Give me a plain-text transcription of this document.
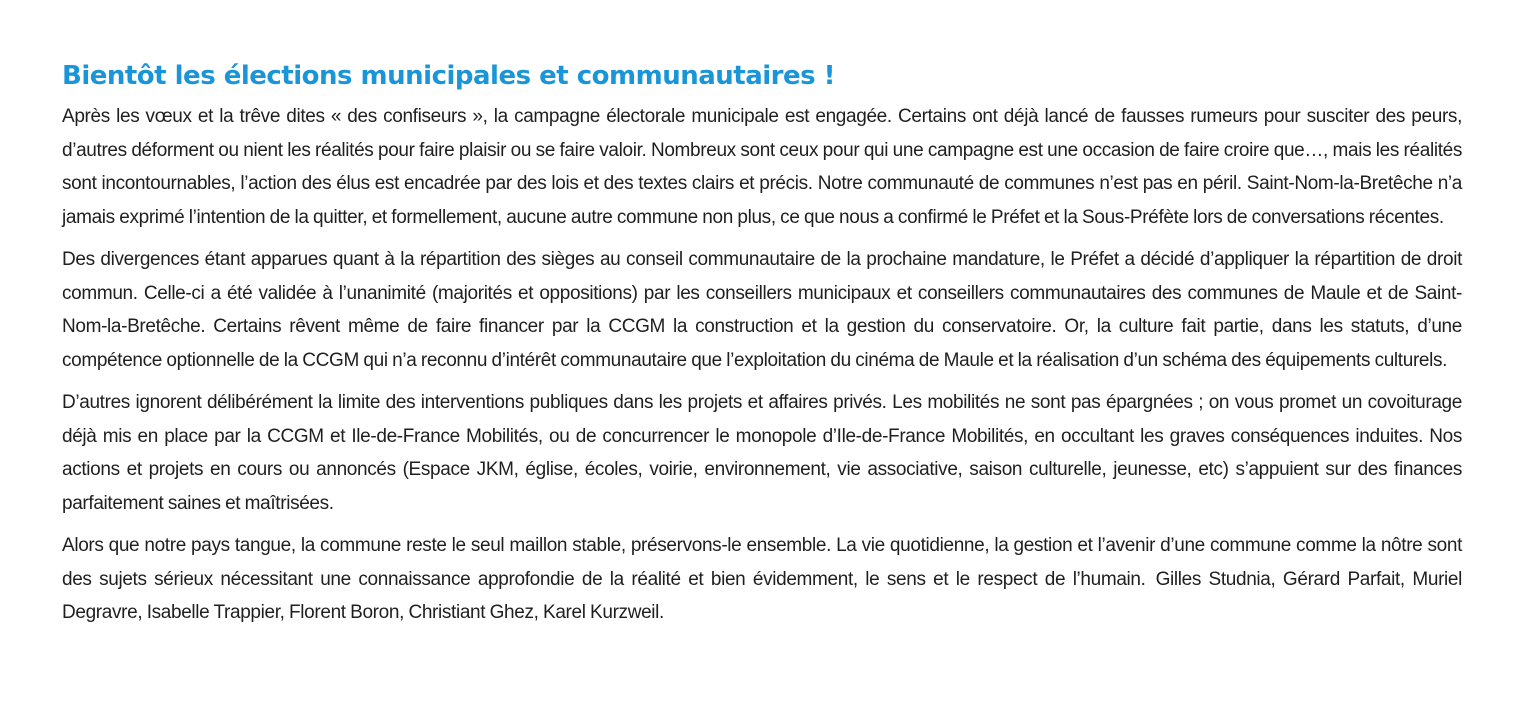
Bientôt les élections municipales et communautaires !

Après les vœux et la trêve dites « des confiseurs », la campagne électorale municipale est engagée. Certains ont déjà lancé de fausses rumeurs pour susciter des peurs, d’autres déforment ou nient les réalités pour faire plaisir ou se faire valoir. Nombreux sont ceux pour qui une campagne est une occasion de faire croire que…, mais les réalités sont incontournables, l’action des élus est encadrée par des lois et des textes clairs et précis. Notre communauté de communes n’est pas en péril. Saint-Nom-la-Bretêche n’a jamais exprimé l’intention de la quitter, et formellement, aucune autre commune non plus, ce que nous a confirmé le Préfet et la Sous-Préfète lors de conversations récentes.

Des divergences étant apparues quant à la répartition des sièges au conseil communautaire de la prochaine mandature, le Préfet a décidé d’appliquer la répartition de droit commun. Celle-ci a été validée à l’unanimité (majorités et oppositions) par les conseillers municipaux et conseillers communautaires des communes de Maule et de Saint-Nom-la-Bretêche. Certains rêvent même de faire financer par la CCGM la construction et la gestion du conservatoire. Or, la culture fait partie, dans les statuts, d’une compétence optionnelle de la CCGM qui n’a reconnu d’intérêt communautaire que l’exploitation du cinéma de Maule et la réalisation d’un schéma des équipements culturels.

D’autres ignorent délibérément la limite des interventions publiques dans les projets et affaires privés. Les mobilités ne sont pas épargnées ; on vous promet un covoiturage déjà mis en place par la CCGM et Ile-de-France Mobilités, ou de concurrencer le monopole d’Ile-de-France Mobilités, en occultant les graves conséquences induites. Nos actions et projets en cours ou annoncés (Espace JKM, église, écoles, voirie, environnement, vie associative, saison culturelle, jeunesse, etc) s’appuient sur des finances parfaitement saines et maîtrisées.

Alors que notre pays tangue, la commune reste le seul maillon stable, préservons-le ensemble. La vie quotidienne, la gestion et l’avenir d’une commune comme la nôtre sont des sujets sérieux nécessitant une connaissance approfondie de la réalité et bien évidemment, le sens et le respect de l’humain. Gilles Studnia, Gérard Parfait, Muriel Degravre, Isabelle Trappier, Florent Boron, Christiant Ghez, Karel Kurzweil.
